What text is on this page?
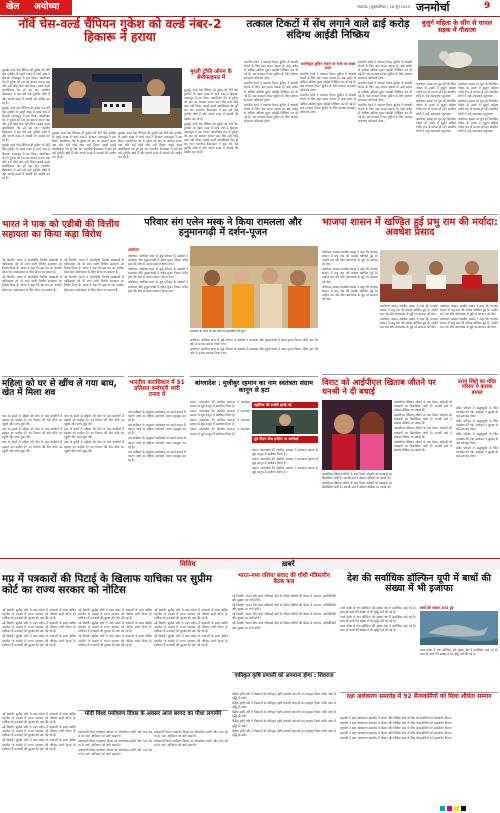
खेल	अयोध्या	लखनऊ | बृहस्पतिवार | 26 जून 2025 जनमोर्चा	9
नॉर्वे चेस-वर्ल्ड चैंपियन गुकेश को वर्ल्ड नंबर-2 हिकारू ने हराया

मुम्बई। वर्ल्ड चेस चैंपियन डी गुकेश को नॉर्वे चेस टूर्नामेंट के पहले राउंड में वर्ल्ड नंबर-2 हिकारू नाकामुरा ने हरा दिया। आर्मागेडन गेम में गुकेश को हार का सामना करना पड़ा और उन्हें कोई अंक नहीं मिला। इससे पहले क्लासिकल गेम ड्रॉ रहा था। भारतीय ग्रैंडमास्टर ने इस वर्ष कई टूर्नामेंट खेले हैं और अगले राउंड में वापसी की उम्मीद कर रहे हैं।

मुम्बई। वर्ल्ड चेस चैंपियन डी गुकेश को नॉर्वे चेस टूर्नामेंट के पहले राउंड में वर्ल्ड नंबर-2 हिकारू नाकामुरा ने हरा दिया। आर्मागेडन गेम में गुकेश को हार का सामना करना पड़ा और उन्हें कोई अंक नहीं मिला। इससे पहले क्लासिकल गेम ड्रॉ रहा था। भारतीय ग्रैंडमास्टर ने इस वर्ष कई टूर्नामेंट खेले हैं और अगले राउंड में वापसी की उम्मीद कर रहे हैं।

मुम्बई। वर्ल्ड चेस चैंपियन डी गुकेश को नॉर्वे चेस टूर्नामेंट के पहले राउंड में वर्ल्ड नंबर-2 हिकारू नाकामुरा ने हरा दिया। आर्मागेडन गेम में गुकेश को हार का सामना करना पड़ा और उन्हें कोई अंक नहीं मिला। इससे पहले क्लासिकल गेम ड्रॉ रहा था। भारतीय ग्रैंडमास्टर ने इस वर्ष कई टूर्नामेंट खेले हैं और अगले राउंड में वापसी की उम्मीद कर रहे हैं।

मुरली ट्रॉफी ओपन के सेमीफाइनल में

मुम्बई। वर्ल्ड चेस चैंपियन डी गुकेश को नॉर्वे चेस टूर्नामेंट के पहले राउंड में वर्ल्ड नंबर-2 हिकारू नाकामुरा ने हरा दिया। आर्मागेडन गेम में गुकेश को हार का सामना करना पड़ा और उन्हें कोई अंक नहीं मिला। इससे पहले क्लासिकल गेम ड्रॉ रहा था। भारतीय ग्रैंडमास्टर ने इस वर्ष कई टूर्नामेंट खेले हैं और अगले राउंड में वापसी की उम्मीद कर रहे हैं।

मुम्बई। वर्ल्ड चेस चैंपियन डी गुकेश को नॉर्वे चेस टूर्नामेंट के पहले राउंड में वर्ल्ड नंबर-2 हिकारू नाकामुरा ने हरा दिया। आर्मागेडन गेम में गुकेश को हार का सामना करना पड़ा और उन्हें कोई अंक नहीं मिला। इससे पहले क्लासिकल गेम ड्रॉ रहा था। भारतीय ग्रैंडमास्टर ने इस वर्ष कई टूर्नामेंट खेले हैं और अगले राउंड में वापसी की उम्मीद कर रहे हैं।

मुम्बई। वर्ल्ड चेस चैंपियन डी गुकेश को नॉर्वे चेस टूर्नामेंट के पहले राउंड में वर्ल्ड नंबर-2 हिकारू नाकामुरा ने हरा दिया। आर्मागेडन गेम में गुकेश को हार का सामना करना पड़ा और उन्हें कोई अंक नहीं मिला। इससे पहले क्लासिकल गेम ड्रॉ रहा था। भारतीय ग्रैंडमास्टर ने इस वर्ष कई टूर्नामेंट खेले हैं और अगले राउंड में वापसी की उम्मीद कर रहे हैं।

मुम्बई। वर्ल्ड चेस चैंपियन डी गुकेश को नॉर्वे चेस टूर्नामेंट के पहले राउंड में वर्ल्ड नंबर-2 हिकारू नाकामुरा ने हरा दिया। आर्मागेडन गेम में गुकेश को हार का सामना करना पड़ा और उन्हें कोई अंक नहीं मिला। इससे पहले क्लासिकल गेम ड्रॉ रहा था। भारतीय ग्रैंडमास्टर ने इस वर्ष कई टूर्नामेंट खेले हैं और अगले राउंड में वापसी की उम्मीद कर रहे हैं।

भारत ने पाक को एडीबी की वित्तीय सहायता का किया कड़ा विरोध

नई दिल्ली। भारत ने अंतर्राष्ट्रीय वित्तीय संस्थाओं से पाकिस्तान को दी जाने वाली वित्तीय सहायता का विरोध किया है। भारत ने कहा कि इस धन का उपयोग सीमा पार आतंकवाद के लिए किया जा सकता है।

नई दिल्ली। भारत ने अंतर्राष्ट्रीय वित्तीय संस्थाओं से पाकिस्तान को दी जाने वाली वित्तीय सहायता का विरोध किया है। भारत ने कहा कि इस धन का उपयोग सीमा पार आतंकवाद के लिए किया जा सकता है।

नई दिल्ली। भारत ने अंतर्राष्ट्रीय वित्तीय संस्थाओं से पाकिस्तान को दी जाने वाली वित्तीय सहायता का विरोध किया है। भारत ने कहा कि इस धन का उपयोग सीमा पार आतंकवाद के लिए किया जा सकता है।

नई दिल्ली। भारत ने अंतर्राष्ट्रीय वित्तीय संस्थाओं से पाकिस्तान को दी जाने वाली वित्तीय सहायता का विरोध किया है। भारत ने कहा कि इस धन का उपयोग सीमा पार आतंकवाद के लिए किया जा सकता है।

महिला को घर से खींच ले गया बाघ, खेत में मिला शव

बाघ के हमले में महिला की मौत के बाद ग्रामीणों में दहशत का माहौल है। वन विभाग की टीम मौके पर पहुंची और जांच शुरू की।

बाघ के हमले में महिला की मौत के बाद ग्रामीणों में दहशत का माहौल है। वन विभाग की टीम मौके पर पहुंची और जांच शुरू की।

बाघ के हमले में महिला की मौत के बाद ग्रामीणों में दहशत का माहौल है। वन विभाग की टीम मौके पर पहुंची और जांच शुरू की।

बाघ के हमले में महिला की मौत के बाद ग्रामीणों में दहशत का माहौल है। वन विभाग की टीम मौके पर पहुंची और जांच शुरू की।

बाघ के हमले में महिला की मौत के बाद ग्रामीणों में दहशत का माहौल है। वन विभाग की टीम मौके पर पहुंची और जांच शुरू की।

बाघ के हमले में महिला की मौत के बाद ग्रामीणों में दहशत का माहौल है। वन विभाग की टीम मौके पर पहुंची और जांच शुरू की।

तत्काल टिकटों में सेंध लगाने वाले ढाई करोड़ संदिग्ध आईडी निष्क्रिय
अनधिकृत बुकिंग रोकने पर रेलवे का सख्त कदम

भारतीय रेलवे ने तत्काल टिकट बुकिंग में धांधली रोकने के लिए बड़ा कदम उठाया है। ढाई करोड़ से अधिक संदिग्ध यूजर आईडी निष्क्रिय कर दी गई हैं। अब तत्काल टिकट बुकिंग के लिए आधार सत्यापन अनिवार्य होगा।

भारतीय रेलवे ने तत्काल टिकट बुकिंग में धांधली रोकने के लिए बड़ा कदम उठाया है। ढाई करोड़ से अधिक संदिग्ध यूजर आईडी निष्क्रिय कर दी गई हैं। अब तत्काल टिकट बुकिंग के लिए आधार सत्यापन अनिवार्य होगा।

भारतीय रेलवे ने तत्काल टिकट बुकिंग में धांधली रोकने के लिए बड़ा कदम उठाया है। ढाई करोड़ से अधिक संदिग्ध यूजर आईडी निष्क्रिय कर दी गई हैं। अब तत्काल टिकट बुकिंग के लिए आधार सत्यापन अनिवार्य होगा।

भारतीय रेलवे ने तत्काल टिकट बुकिंग में धांधली रोकने के लिए बड़ा कदम उठाया है। ढाई करोड़ से अधिक संदिग्ध यूजर आईडी निष्क्रिय कर दी गई हैं। अब तत्काल टिकट बुकिंग के लिए आधार सत्यापन अनिवार्य होगा।

भारतीय रेलवे ने तत्काल टिकट बुकिंग में धांधली रोकने के लिए बड़ा कदम उठाया है। ढाई करोड़ से अधिक संदिग्ध यूजर आईडी निष्क्रिय कर दी गई हैं। अब तत्काल टिकट बुकिंग के लिए आधार सत्यापन अनिवार्य होगा।

भारतीय रेलवे ने तत्काल टिकट बुकिंग में धांधली रोकने के लिए बड़ा कदम उठाया है। ढाई करोड़ से अधिक संदिग्ध यूजर आईडी निष्क्रिय कर दी गई हैं। अब तत्काल टिकट बुकिंग के लिए आधार सत्यापन अनिवार्य होगा।

भारतीय रेलवे ने तत्काल टिकट बुकिंग में धांधली रोकने के लिए बड़ा कदम उठाया है। ढाई करोड़ से अधिक संदिग्ध यूजर आईडी निष्क्रिय कर दी गई हैं। अब तत्काल टिकट बुकिंग के लिए आधार सत्यापन अनिवार्य होगा।

भारतीय रेलवे ने तत्काल टिकट बुकिंग में धांधली रोकने के लिए बड़ा कदम उठाया है। ढाई करोड़ से अधिक संदिग्ध यूजर आईडी निष्क्रिय कर दी गई हैं। अब तत्काल टिकट बुकिंग के लिए आधार सत्यापन अनिवार्य होगा।

बुजुर्ग महिला के सींग से घायल सड़क में गौशाला

अयोध्या। सड़क पर घूम रहे निराश्रित गोवंश के हमले में बुजुर्ग महिला गंभीर रूप से घायल हो गई। स्थानीय लोगों ने उन्हें अस्पताल पहुंचाया।

अयोध्या। सड़क पर घूम रहे निराश्रित गोवंश के हमले में बुजुर्ग महिला गंभीर रूप से घायल हो गई। स्थानीय लोगों ने उन्हें अस्पताल पहुंचाया।

अयोध्या। सड़क पर घूम रहे निराश्रित गोवंश के हमले में बुजुर्ग महिला गंभीर रूप से घायल हो गई। स्थानीय लोगों ने उन्हें अस्पताल पहुंचाया।

अयोध्या। सड़क पर घूम रहे निराश्रित गोवंश के हमले में बुजुर्ग महिला गंभीर रूप से घायल हो गई। स्थानीय लोगों ने उन्हें अस्पताल पहुंचाया।

अयोध्या। सड़क पर घूम रहे निराश्रित गोवंश के हमले में बुजुर्ग महिला गंभीर रूप से घायल हो गई। स्थानीय लोगों ने उन्हें अस्पताल पहुंचाया।

अयोध्या। सड़क पर घूम रहे निराश्रित गोवंश के हमले में बुजुर्ग महिला गंभीर रूप से घायल हो गई। स्थानीय लोगों ने उन्हें अस्पताल पहुंचाया।

परिवार संग एलेन मस्क ने किया रामलला और हनुमानगढ़ी में दर्शन-पूजन
अयोध्या

अयोध्या। अंतरिक्ष यात्रा से जुड़े परिवार के सदस्यों ने रामलला और हनुमानगढ़ी में दर्शन-पूजन किया। मंदिर ट्रस्ट की ओर से उनका स्वागत किया गया।

अयोध्या। अंतरिक्ष यात्रा से जुड़े परिवार के सदस्यों ने रामलला और हनुमानगढ़ी में दर्शन-पूजन किया। मंदिर ट्रस्ट की ओर से उनका स्वागत किया गया।

अयोध्या। अंतरिक्ष यात्रा से जुड़े परिवार के सदस्यों ने रामलला और हनुमानगढ़ी में दर्शन-पूजन किया। मंदिर ट्रस्ट की ओर से उनका स्वागत किया गया।

रामलला के दर्शन के बाद संतों से आशीर्वाद लेते हुए।

अयोध्या। अंतरिक्ष यात्रा से जुड़े परिवार के सदस्यों ने रामलला और हनुमानगढ़ी में दर्शन-पूजन किया। मंदिर ट्रस्ट की ओर से उनका स्वागत किया गया।

अयोध्या। अंतरिक्ष यात्रा से जुड़े परिवार के सदस्यों ने रामलला और हनुमानगढ़ी में दर्शन-पूजन किया। मंदिर ट्रस्ट की ओर से उनका स्वागत किया गया।

भारतीय कराधिकार में 51 प्रतिशत कर्मचारी भारी तनाव में

एक सर्वेक्षण के अनुसार कार्यस्थल पर बढ़ते दबाव के कारण आधे से अधिक कर्मचारी तनाव महसूस कर रहे हैं।

एक सर्वेक्षण के अनुसार कार्यस्थल पर बढ़ते दबाव के कारण आधे से अधिक कर्मचारी तनाव महसूस कर रहे हैं।

एक सर्वेक्षण के अनुसार कार्यस्थल पर बढ़ते दबाव के कारण आधे से अधिक कर्मचारी तनाव महसूस कर रहे हैं।

एक सर्वेक्षण के अनुसार कार्यस्थल पर बढ़ते दबाव के कारण आधे से अधिक कर्मचारी तनाव महसूस कर रहे हैं।

बांग्लादेश : मुजीबुर रहमान का नाम स्वतंत्रता संग्राम कानून से हटा

ढाका। बांग्लादेश की अंतरिम सरकार ने स्वतंत्रता संग्राम से जुड़े कानून में संशोधन किया है।

ढाका। बांग्लादेश की अंतरिम सरकार ने स्वतंत्रता संग्राम से जुड़े कानून में संशोधन किया है।

ढाका। बांग्लादेश की अंतरिम सरकार ने स्वतंत्रता संग्राम से जुड़े कानून में संशोधन किया है।

ढाका। बांग्लादेश की अंतरिम सरकार ने स्वतंत्रता संग्राम से जुड़े कानून में संशोधन किया है।

राष्ट्रपिता की उपाधि हटाई गई
पूर्व पीएम शेख हसीना पर कार्रवाई

ढाका। बांग्लादेश की अंतरिम सरकार ने स्वतंत्रता संग्राम से जुड़े कानून में संशोधन किया है।

ढाका। बांग्लादेश की अंतरिम सरकार ने स्वतंत्रता संग्राम से जुड़े कानून में संशोधन किया है।

ढाका। बांग्लादेश की अंतरिम सरकार ने स्वतंत्रता संग्राम से जुड़े कानून में संशोधन किया है।

भाजपा शासन में खण्डित हुई प्रभु राम की मर्यादा: अवधेश प्रसाद

अयोध्या। सांसद अवधेश प्रसाद ने कहा कि भाजपा शासन में प्रभु राम की मर्यादा खण्डित हुई है। उन्होंने राम पथ और जलभराव के मुद्दे पर सरकार को घेरा।

अयोध्या। सांसद अवधेश प्रसाद ने कहा कि भाजपा शासन में प्रभु राम की मर्यादा खण्डित हुई है। उन्होंने राम पथ और जलभराव के मुद्दे पर सरकार को घेरा।

अयोध्या। सांसद अवधेश प्रसाद ने कहा कि भाजपा शासन में प्रभु राम की मर्यादा खण्डित हुई है। उन्होंने राम पथ और जलभराव के मुद्दे पर सरकार को घेरा।

अयोध्या। सांसद अवधेश प्रसाद ने कहा कि भाजपा शासन में प्रभु राम की मर्यादा खण्डित हुई है। उन्होंने राम पथ और जलभराव के मुद्दे पर सरकार को घेरा।

अयोध्या। सांसद अवधेश प्रसाद ने कहा कि भाजपा शासन में प्रभु राम की मर्यादा खण्डित हुई है। उन्होंने राम पथ और जलभराव के मुद्दे पर सरकार को घेरा।

अयोध्या। सांसद अवधेश प्रसाद ने कहा कि भाजपा शासन में प्रभु राम की मर्यादा खण्डित हुई है। उन्होंने राम पथ और जलभराव के मुद्दे पर सरकार को घेरा।

अयोध्या। सांसद अवधेश प्रसाद ने कहा कि भाजपा शासन में प्रभु राम की मर्यादा खण्डित हुई है। उन्होंने राम पथ और जलभराव के मुद्दे पर सरकार को घेरा।

विराट को आईपीएल खिताब जीतने पर धनश्री ने दी बधाई

आईपीएल खिताब जीतने के बाद विराट कोहली को बधाइयों का सिलसिला जारी है। धनश्री वर्मा ने सोशल मीडिया पर बधाई दी।

आईपीएल खिताब जीतने के बाद विराट कोहली को बधाइयों का सिलसिला जारी है। धनश्री वर्मा ने सोशल मीडिया पर बधाई दी।

आईपीएल खिताब जीतने के बाद विराट कोहली को बधाइयों का सिलसिला जारी है। धनश्री वर्मा ने सोशल मीडिया पर बधाई दी।

आईपीएल खिताब जीतने के बाद विराट कोहली को बधाइयों का सिलसिला जारी है। धनश्री वर्मा ने सोशल मीडिया पर बधाई दी।

आईपीएल खिताब जीतने के बाद विराट कोहली को बधाइयों का सिलसिला जारी है। धनश्री वर्मा ने सोशल मीडिया पर बधाई दी।

आईपीएल खिताब जीतने के बाद विराट कोहली को बधाइयों का सिलसिला जारी है। धनश्री वर्मा ने सोशल मीडिया पर बधाई दी।

उत्तम सिंहो का मंदिर परिसर में कराया बमाल

मंदिर परिसर में श्रद्धालुओं के लिए व्यवस्था की गई। प्रशासन ने सुरक्षा के कड़े इंतजाम किए।

मंदिर परिसर में श्रद्धालुओं के लिए व्यवस्था की गई। प्रशासन ने सुरक्षा के कड़े इंतजाम किए।

मंदिर परिसर में श्रद्धालुओं के लिए व्यवस्था की गई। प्रशासन ने सुरक्षा के कड़े इंतजाम किए।

मंदिर परिसर में श्रद्धालुओं के लिए व्यवस्था की गई। प्रशासन ने सुरक्षा के कड़े इंतजाम किए।

विविध	ख़बरें
मप्र में पत्रकारों की पिटाई के खिलाफ याचिका पर सुप्रीम कोर्ट का राज्य सरकार को नोटिस

नई दिल्ली। सुप्रीम कोर्ट ने मध्य प्रदेश में पत्रकारों के साथ कथित मारपीट के मामले में राज्य सरकार को नोटिस जारी किया है। याचिका में पत्रकारों की सुरक्षा की मांग की गई है।

नई दिल्ली। सुप्रीम कोर्ट ने मध्य प्रदेश में पत्रकारों के साथ कथित मारपीट के मामले में राज्य सरकार को नोटिस जारी किया है। याचिका में पत्रकारों की सुरक्षा की मांग की गई है।

नई दिल्ली। सुप्रीम कोर्ट ने मध्य प्रदेश में पत्रकारों के साथ कथित मारपीट के मामले में राज्य सरकार को नोटिस जारी किया है। याचिका में पत्रकारों की सुरक्षा की मांग की गई है।

नई दिल्ली। सुप्रीम कोर्ट ने मध्य प्रदेश में पत्रकारों के साथ कथित मारपीट के मामले में राज्य सरकार को नोटिस जारी किया है। याचिका में पत्रकारों की सुरक्षा की मांग की गई है।

नई दिल्ली। सुप्रीम कोर्ट ने मध्य प्रदेश में पत्रकारों के साथ कथित मारपीट के मामले में राज्य सरकार को नोटिस जारी किया है। याचिका में पत्रकारों की सुरक्षा की मांग की गई है।

नई दिल्ली। सुप्रीम कोर्ट ने मध्य प्रदेश में पत्रकारों के साथ कथित मारपीट के मामले में राज्य सरकार को नोटिस जारी किया है। याचिका में पत्रकारों की सुरक्षा की मांग की गई है।

नई दिल्ली। सुप्रीम कोर्ट ने मध्य प्रदेश में पत्रकारों के साथ कथित मारपीट के मामले में राज्य सरकार को नोटिस जारी किया है। याचिका में पत्रकारों की सुरक्षा की मांग की गई है।

नई दिल्ली। सुप्रीम कोर्ट ने मध्य प्रदेश में पत्रकारों के साथ कथित मारपीट के मामले में राज्य सरकार को नोटिस जारी किया है। याचिका में पत्रकारों की सुरक्षा की मांग की गई है।

नई दिल्ली। सुप्रीम कोर्ट ने मध्य प्रदेश में पत्रकारों के साथ कथित मारपीट के मामले में राज्य सरकार को नोटिस जारी किया है। याचिका में पत्रकारों की सुरक्षा की मांग की गई है।

मोदी विश्व पर्यावरण दिवस के अवसर आज बरगद का पौधा लगायेंगे

प्रधानमंत्री विश्व पर्यावरण दिवस पर पौधारोपण करेंगे और 'एक पेड़ मां के नाम' अभियान को आगे बढ़ाएंगे।

प्रधानमंत्री विश्व पर्यावरण दिवस पर पौधारोपण करेंगे और 'एक पेड़ मां के नाम' अभियान को आगे बढ़ाएंगे।

प्रधानमंत्री विश्व पर्यावरण दिवस पर पौधारोपण करेंगे और 'एक पेड़ मां के नाम' अभियान को आगे बढ़ाएंगे।

प्रधानमंत्री विश्व पर्यावरण दिवस पर पौधारोपण करेंगे और 'एक पेड़ मां के नाम' अभियान को आगे बढ़ाएंगे।

प्रधानमंत्री विश्व पर्यावरण दिवस पर पौधारोपण करेंगे और 'एक पेड़ मां के नाम' अभियान को आगे बढ़ाएंगे।

नई दिल्ली। सुप्रीम कोर्ट ने मध्य प्रदेश में पत्रकारों के साथ कथित मारपीट के मामले में राज्य सरकार को नोटिस जारी किया है। याचिका में पत्रकारों की सुरक्षा की मांग की गई है।

नई दिल्ली। सुप्रीम कोर्ट ने मध्य प्रदेश में पत्रकारों के साथ कथित मारपीट के मामले में राज्य सरकार को नोटिस जारी किया है। याचिका में पत्रकारों की सुरक्षा की मांग की गई है।

नई दिल्ली। सुप्रीम कोर्ट ने मध्य प्रदेश में पत्रकारों के साथ कथित मारपीट के मामले में राज्य सरकार को नोटिस जारी किया है। याचिका में पत्रकारों की सुरक्षा की मांग की गई है।

भारत-मध्य एशिया संवाद की चौथी मंत्रिस्तरीय बैठक कल

नई दिल्ली। भारत और मध्य एशियाई देशों के विदेश मंत्रियों की बैठक में व्यापार, कनेक्टिविटी और सुरक्षा पर चर्चा होगी।

नई दिल्ली। भारत और मध्य एशियाई देशों के विदेश मंत्रियों की बैठक में व्यापार, कनेक्टिविटी और सुरक्षा पर चर्चा होगी।

नई दिल्ली। भारत और मध्य एशियाई देशों के विदेश मंत्रियों की बैठक में व्यापार, कनेक्टिविटी और सुरक्षा पर चर्चा होगी।

नई दिल्ली। भारत और मध्य एशियाई देशों के विदेश मंत्रियों की बैठक में व्यापार, कनेक्टिविटी और सुरक्षा पर चर्चा होगी।

एकीकृत कृषि प्रणाली को अपनाना होगा : शिवराज

केंद्रीय कृषि मंत्री ने किसानों से एकीकृत कृषि प्रणाली अपनाने का आह्वान किया ताकि आय में वृद्धि हो सके।

केंद्रीय कृषि मंत्री ने किसानों से एकीकृत कृषि प्रणाली अपनाने का आह्वान किया ताकि आय में वृद्धि हो सके।

केंद्रीय कृषि मंत्री ने किसानों से एकीकृत कृषि प्रणाली अपनाने का आह्वान किया ताकि आय में वृद्धि हो सके।

केंद्रीय कृषि मंत्री ने किसानों से एकीकृत कृषि प्रणाली अपनाने का आह्वान किया ताकि आय में वृद्धि हो सके।

केंद्रीय कृषि मंत्री ने किसानों से एकीकृत कृषि प्रणाली अपनाने का आह्वान किया ताकि आय में वृद्धि हो सके।

देश की सर्वाधिक डॉल्फिन यूपी में बाधों की संख्या में भी इजाफा

उत्तर प्रदेश में गंगा डॉल्फिन की संख्या देश में सर्वाधिक पाई गई है। साथ ही बाघों की संख्या में भी वृद्धि दर्ज की गई है।

उत्तर प्रदेश में गंगा डॉल्फिन की संख्या देश में सर्वाधिक पाई गई है। साथ ही बाघों की संख्या में भी वृद्धि दर्ज की गई है।

उत्तर प्रदेश में गंगा डॉल्फिन की संख्या देश में सर्वाधिक पाई गई है। साथ ही बाघों की संख्या में भी वृद्धि दर्ज की गई है।

बाघों की संख्या 205 हुई

उत्तर प्रदेश में गंगा डॉल्फिन की संख्या देश में सर्वाधिक पाई गई है। साथ ही बाघों की संख्या में भी वृद्धि दर्ज की गई है।

रक्षा अलंकरण समारोह में 92 सैन्यकर्मियों को मिला शौर्यता सम्मान

राष्ट्रपति ने रक्षा अलंकरण समारोह में वीरता और विशिष्ट सेवा के लिए सैन्यकर्मियों को सम्मानित किया।

राष्ट्रपति ने रक्षा अलंकरण समारोह में वीरता और विशिष्ट सेवा के लिए सैन्यकर्मियों को सम्मानित किया।

राष्ट्रपति ने रक्षा अलंकरण समारोह में वीरता और विशिष्ट सेवा के लिए सैन्यकर्मियों को सम्मानित किया।

राष्ट्रपति ने रक्षा अलंकरण समारोह में वीरता और विशिष्ट सेवा के लिए सैन्यकर्मियों को सम्मानित किया।

राष्ट्रपति ने रक्षा अलंकरण समारोह में वीरता और विशिष्ट सेवा के लिए सैन्यकर्मियों को सम्मानित किया।
